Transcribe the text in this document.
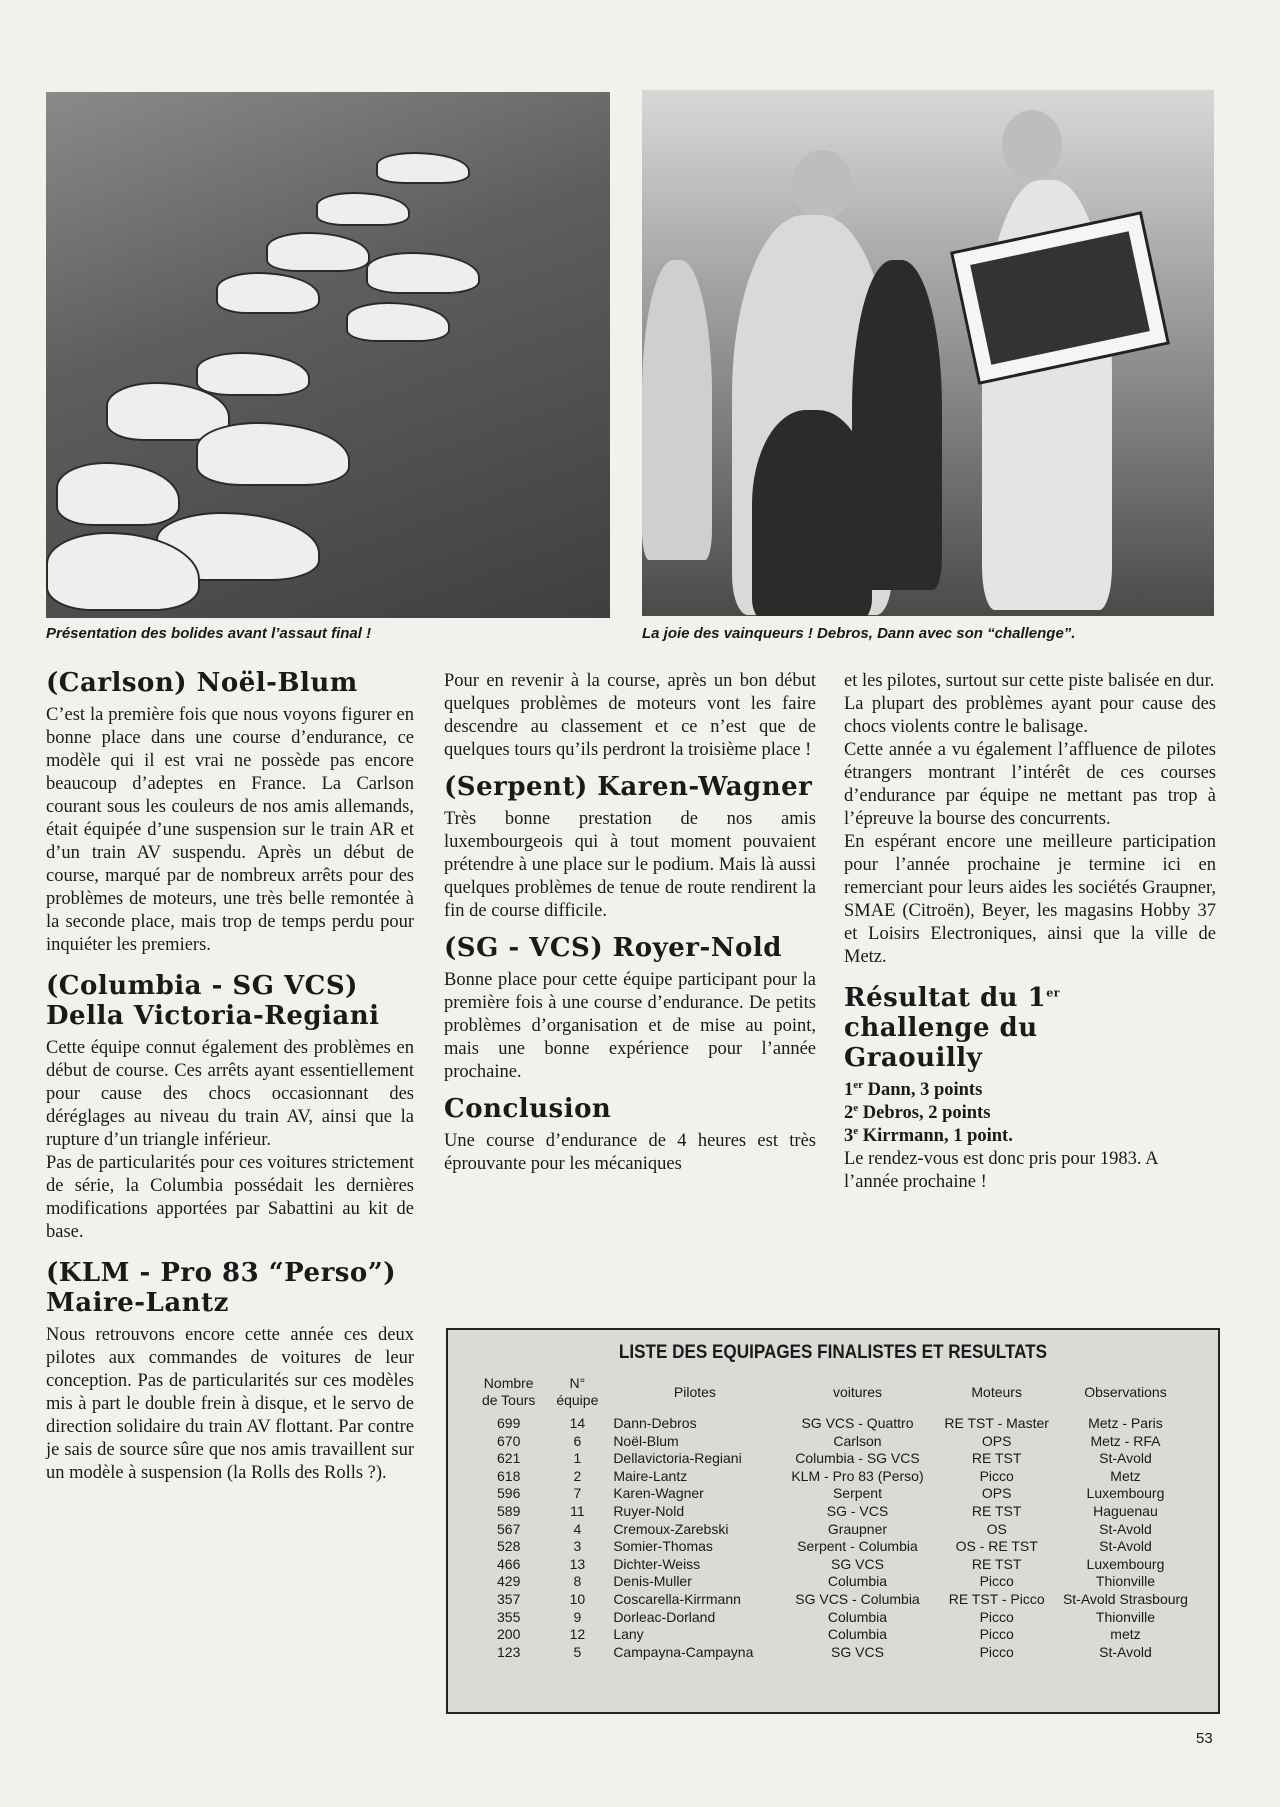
Présentation des bolides avant l’assaut final !	La joie des vainqueurs ! Debros, Dann avec son “challenge”.
(Carlson) Noël-Blum

C’est la première fois que nous voyons figurer en bonne place dans une course d’endurance, ce modèle qui il est vrai ne possède pas encore beaucoup d’adeptes en France. La Carlson courant sous les couleurs de nos amis allemands, était équipée d’une suspension sur le train AR et d’un train AV suspendu. Après un début de course, marqué par de nombreux arrêts pour des problèmes de moteurs, une très belle remontée à la seconde place, mais trop de temps perdu pour inquiéter les premiers.

(Columbia - SG VCS) Della Victoria-Regiani

Cette équipe connut également des problèmes en début de course. Ces arrêts ayant essentiellement pour cause des chocs occasionnant des déréglages au niveau du train AV, ainsi que la rupture d’un triangle inférieur.

Pas de particularités pour ces voitures strictement de série, la Columbia possédait les dernières modifications apportées par Sabattini au kit de base.

(KLM - Pro 83 “Perso”) Maire-Lantz

Nous retrouvons encore cette année ces deux pilotes aux commandes de voitures de leur conception. Pas de particularités sur ces modèles mis à part le double frein à disque, et le servo de direction solidaire du train AV flottant. Par contre je sais de source sûre que nos amis travaillent sur un modèle à suspension (la Rolls des Rolls ?).

Pour en revenir à la course, après un bon début quelques problèmes de moteurs vont les faire descendre au classement et ce n’est que de quelques tours qu’ils perdront la troisième place !

(Serpent) Karen-Wagner

Très bonne prestation de nos amis luxembourgeois qui à tout moment pouvaient prétendre à une place sur le podium. Mais là aussi quelques problèmes de tenue de route rendirent la fin de course difficile.

(SG - VCS) Royer-Nold

Bonne place pour cette équipe participant pour la première fois à une course d’endurance. De petits problèmes d’organisation et de mise au point, mais une bonne expérience pour l’année prochaine.

Conclusion

Une course d’endurance de 4 heures est très éprouvante pour les mécaniques

et les pilotes, surtout sur cette piste balisée en dur.

La plupart des problèmes ayant pour cause des chocs violents contre le balisage.

Cette année a vu également l’affluence de pilotes étrangers montrant l’intérêt de ces courses d’endurance par équipe ne mettant pas trop à l’épreuve la bourse des concurrents.

En espérant encore une meilleure participation pour l’année prochaine je termine ici en remerciant pour leurs aides les sociétés Graupner, SMAE (Citroën), Beyer, les magasins Hobby 37 et Loisirs Electroniques, ainsi que la ville de Metz.

Résultat du 1er challenge du Graouilly

1er Dann, 3 points

2e Debros, 2 points

3e Kirrmann, 1 point.

Le rendez-vous est donc pris pour 1983. A l’année prochaine !

LISTE DES EQUIPAGES FINALISTES ET RESULTATS
Nombre de Tours	N° équipe	Pilotes	voitures	Moteurs	Observations
699	14	Dann-Debros	SG VCS - Quattro	RE TST - Master	Metz - Paris
670	6	Noël-Blum	Carlson	OPS	Metz - RFA
621	1	Dellavictoria-Regiani	Columbia - SG VCS	RE TST	St-Avold
618	2	Maire-Lantz	KLM - Pro 83 (Perso)	Picco	Metz
596	7	Karen-Wagner	Serpent	OPS	Luxembourg
589	11	Ruyer-Nold	SG - VCS	RE TST	Haguenau
567	4	Cremoux-Zarebski	Graupner	OS	St-Avold
528	3	Somier-Thomas	Serpent - Columbia	OS - RE TST	St-Avold
466	13	Dichter-Weiss	SG VCS	RE TST	Luxembourg
429	8	Denis-Muller	Columbia	Picco	Thionville
357	10	Coscarella-Kirrmann	SG VCS - Columbia	RE TST - Picco	St-Avold Strasbourg
355	9	Dorleac-Dorland	Columbia	Picco	Thionville
200	12	Lany	Columbia	Picco	metz
123	5	Campayna-Campayna	SG VCS	Picco	St-Avold
53
